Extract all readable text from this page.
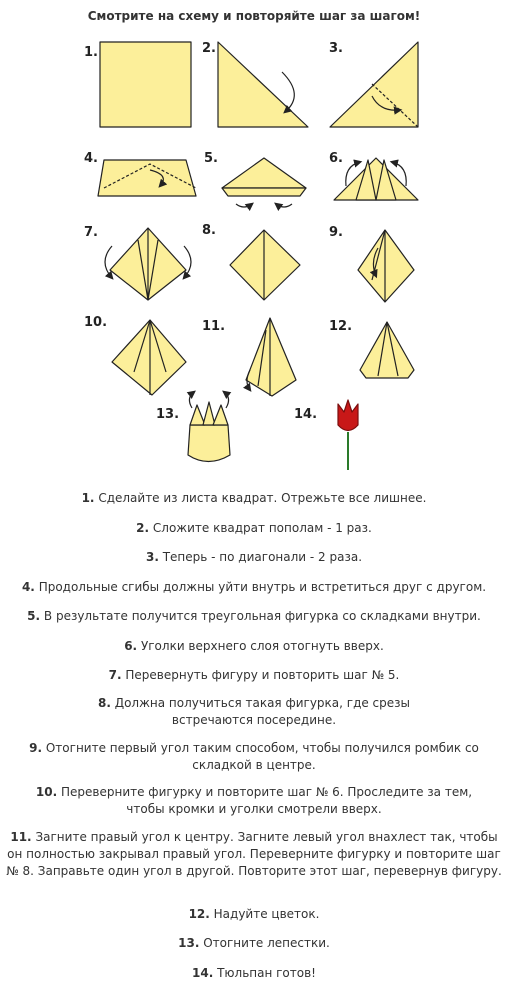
Смотрите на схему и повторяйте шаг за шагом!
1.	2.	3.
4.	5.	6.
7.	8.	9.
10.	11.	12.
13.	14.
1. Сделайте из листа квадрат. Отрежьте все лишнее.
2. Сложите квадрат пополам - 1 раз.
3. Теперь - по диагонали - 2 раза.
4. Продольные сгибы должны уйти внутрь и встретиться друг с другом.
5. В результате получится треугольная фигурка со складками внутри.
6. Уголки верхнего слоя отогнуть вверх.
7. Перевернуть фигуру и повторить шаг № 5.
8. Должна получиться такая фигурка, где срезы встречаются посередине.
9. Отогните первый угол таким способом, чтобы получился ромбик со складкой в центре.
10. Переверните фигурку и повторите шаг № 6. Проследите за тем, чтобы кромки и уголки смотрели вверх.
11. Загните правый угол к центру. Загните левый угол внахлест так, чтобы он полностью закрывал правый угол. Переверните фигурку и повторите шаг № 8. Заправьте один угол в другой. Повторите этот шаг, перевернув фигуру.
12. Надуйте цветок.
13. Отогните лепестки.
14. Тюльпан готов!
